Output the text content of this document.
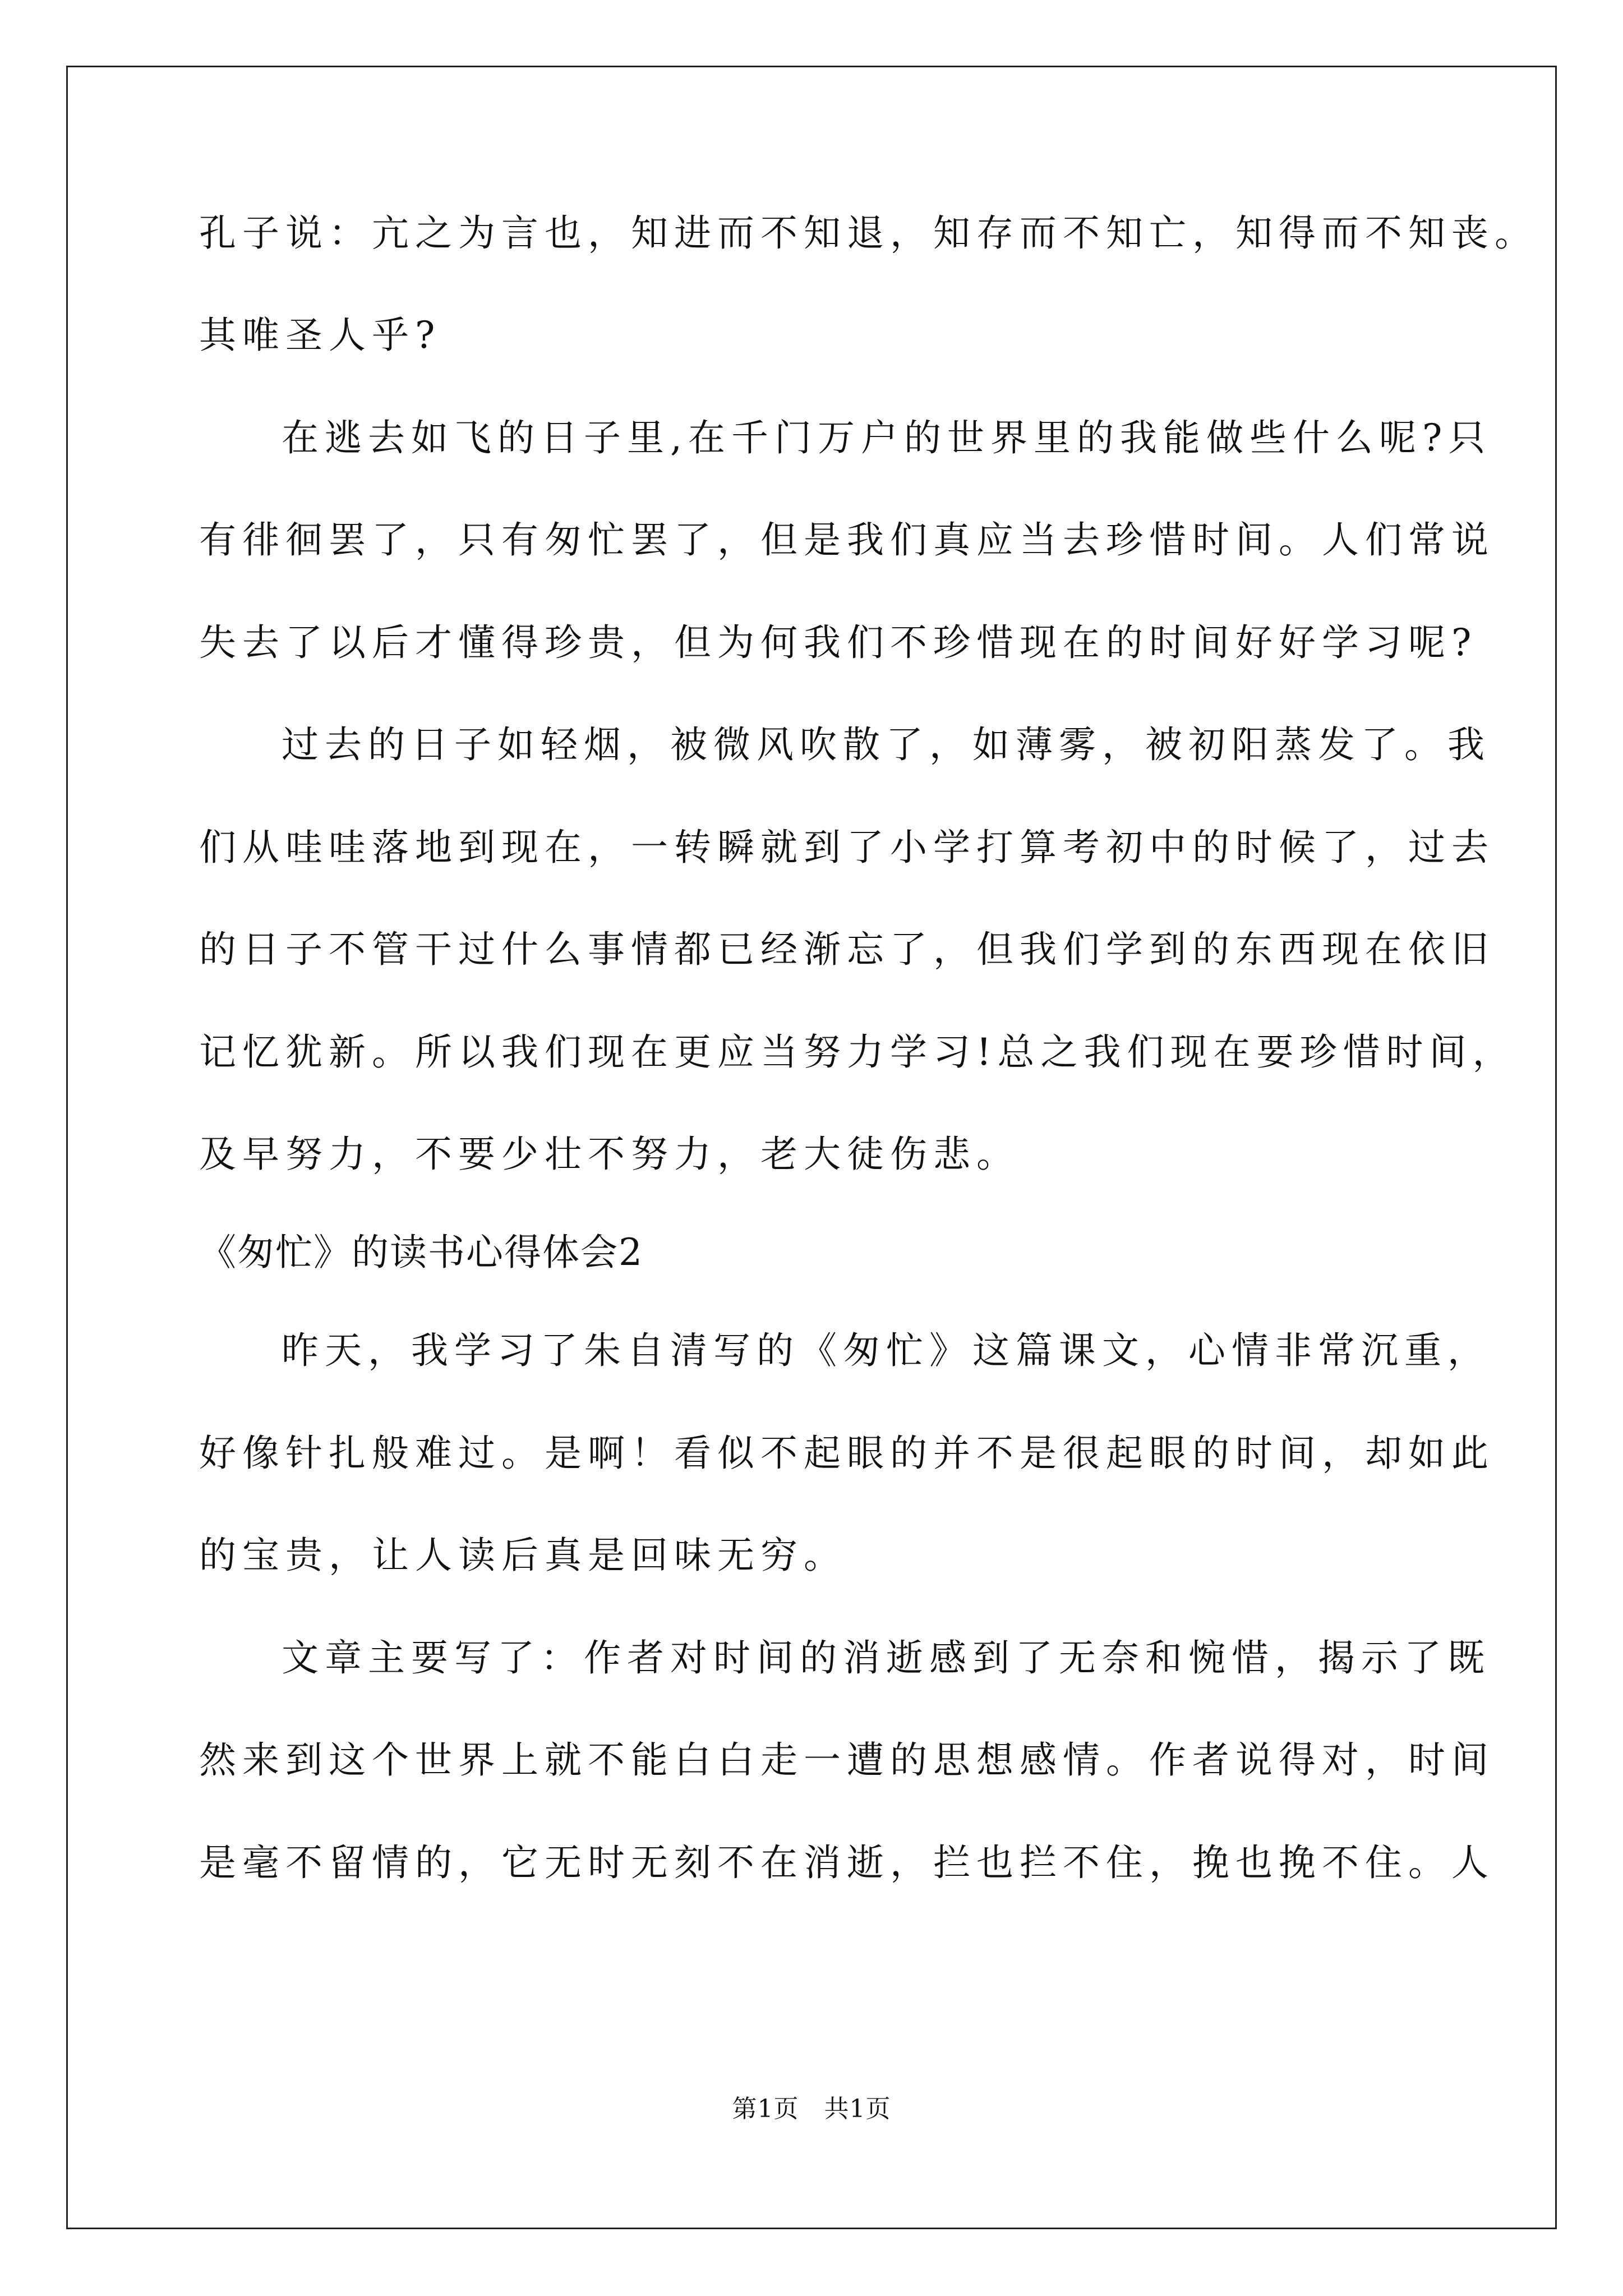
孔子说：亢之为言也，知进而不知退，知存而不知亡，知得而不知丧。
其唯圣人乎?
在逃去如飞的日子里,在千门万户的世界里的我能做些什么呢?只
有徘徊罢了，只有匆忙罢了，但是我们真应当去珍惜时间。人们常说
失去了以后才懂得珍贵，但为何我们不珍惜现在的时间好好学习呢?
过去的日子如轻烟，被微风吹散了，如薄雾，被初阳蒸发了。我
们从哇哇落地到现在，一转瞬就到了小学打算考初中的时候了，过去
的日子不管干过什么事情都已经渐忘了，但我们学到的东西现在依旧
记忆犹新。所以我们现在更应当努力学习!总之我们现在要珍惜时间，
及早努力，不要少壮不努力，老大徒伤悲。
《匆忙》的读书心得体会2
昨天，我学习了朱自清写的《匆忙》这篇课文，心情非常沉重，
好像针扎般难过。是啊！看似不起眼的并不是很起眼的时间，却如此
的宝贵，让人读后真是回味无穷。
文章主要写了：作者对时间的消逝感到了无奈和惋惜，揭示了既
然来到这个世界上就不能白白走一遭的思想感情。作者说得对，时间
是毫不留情的，它无时无刻不在消逝，拦也拦不住，挽也挽不住。人
第1页　共1页
